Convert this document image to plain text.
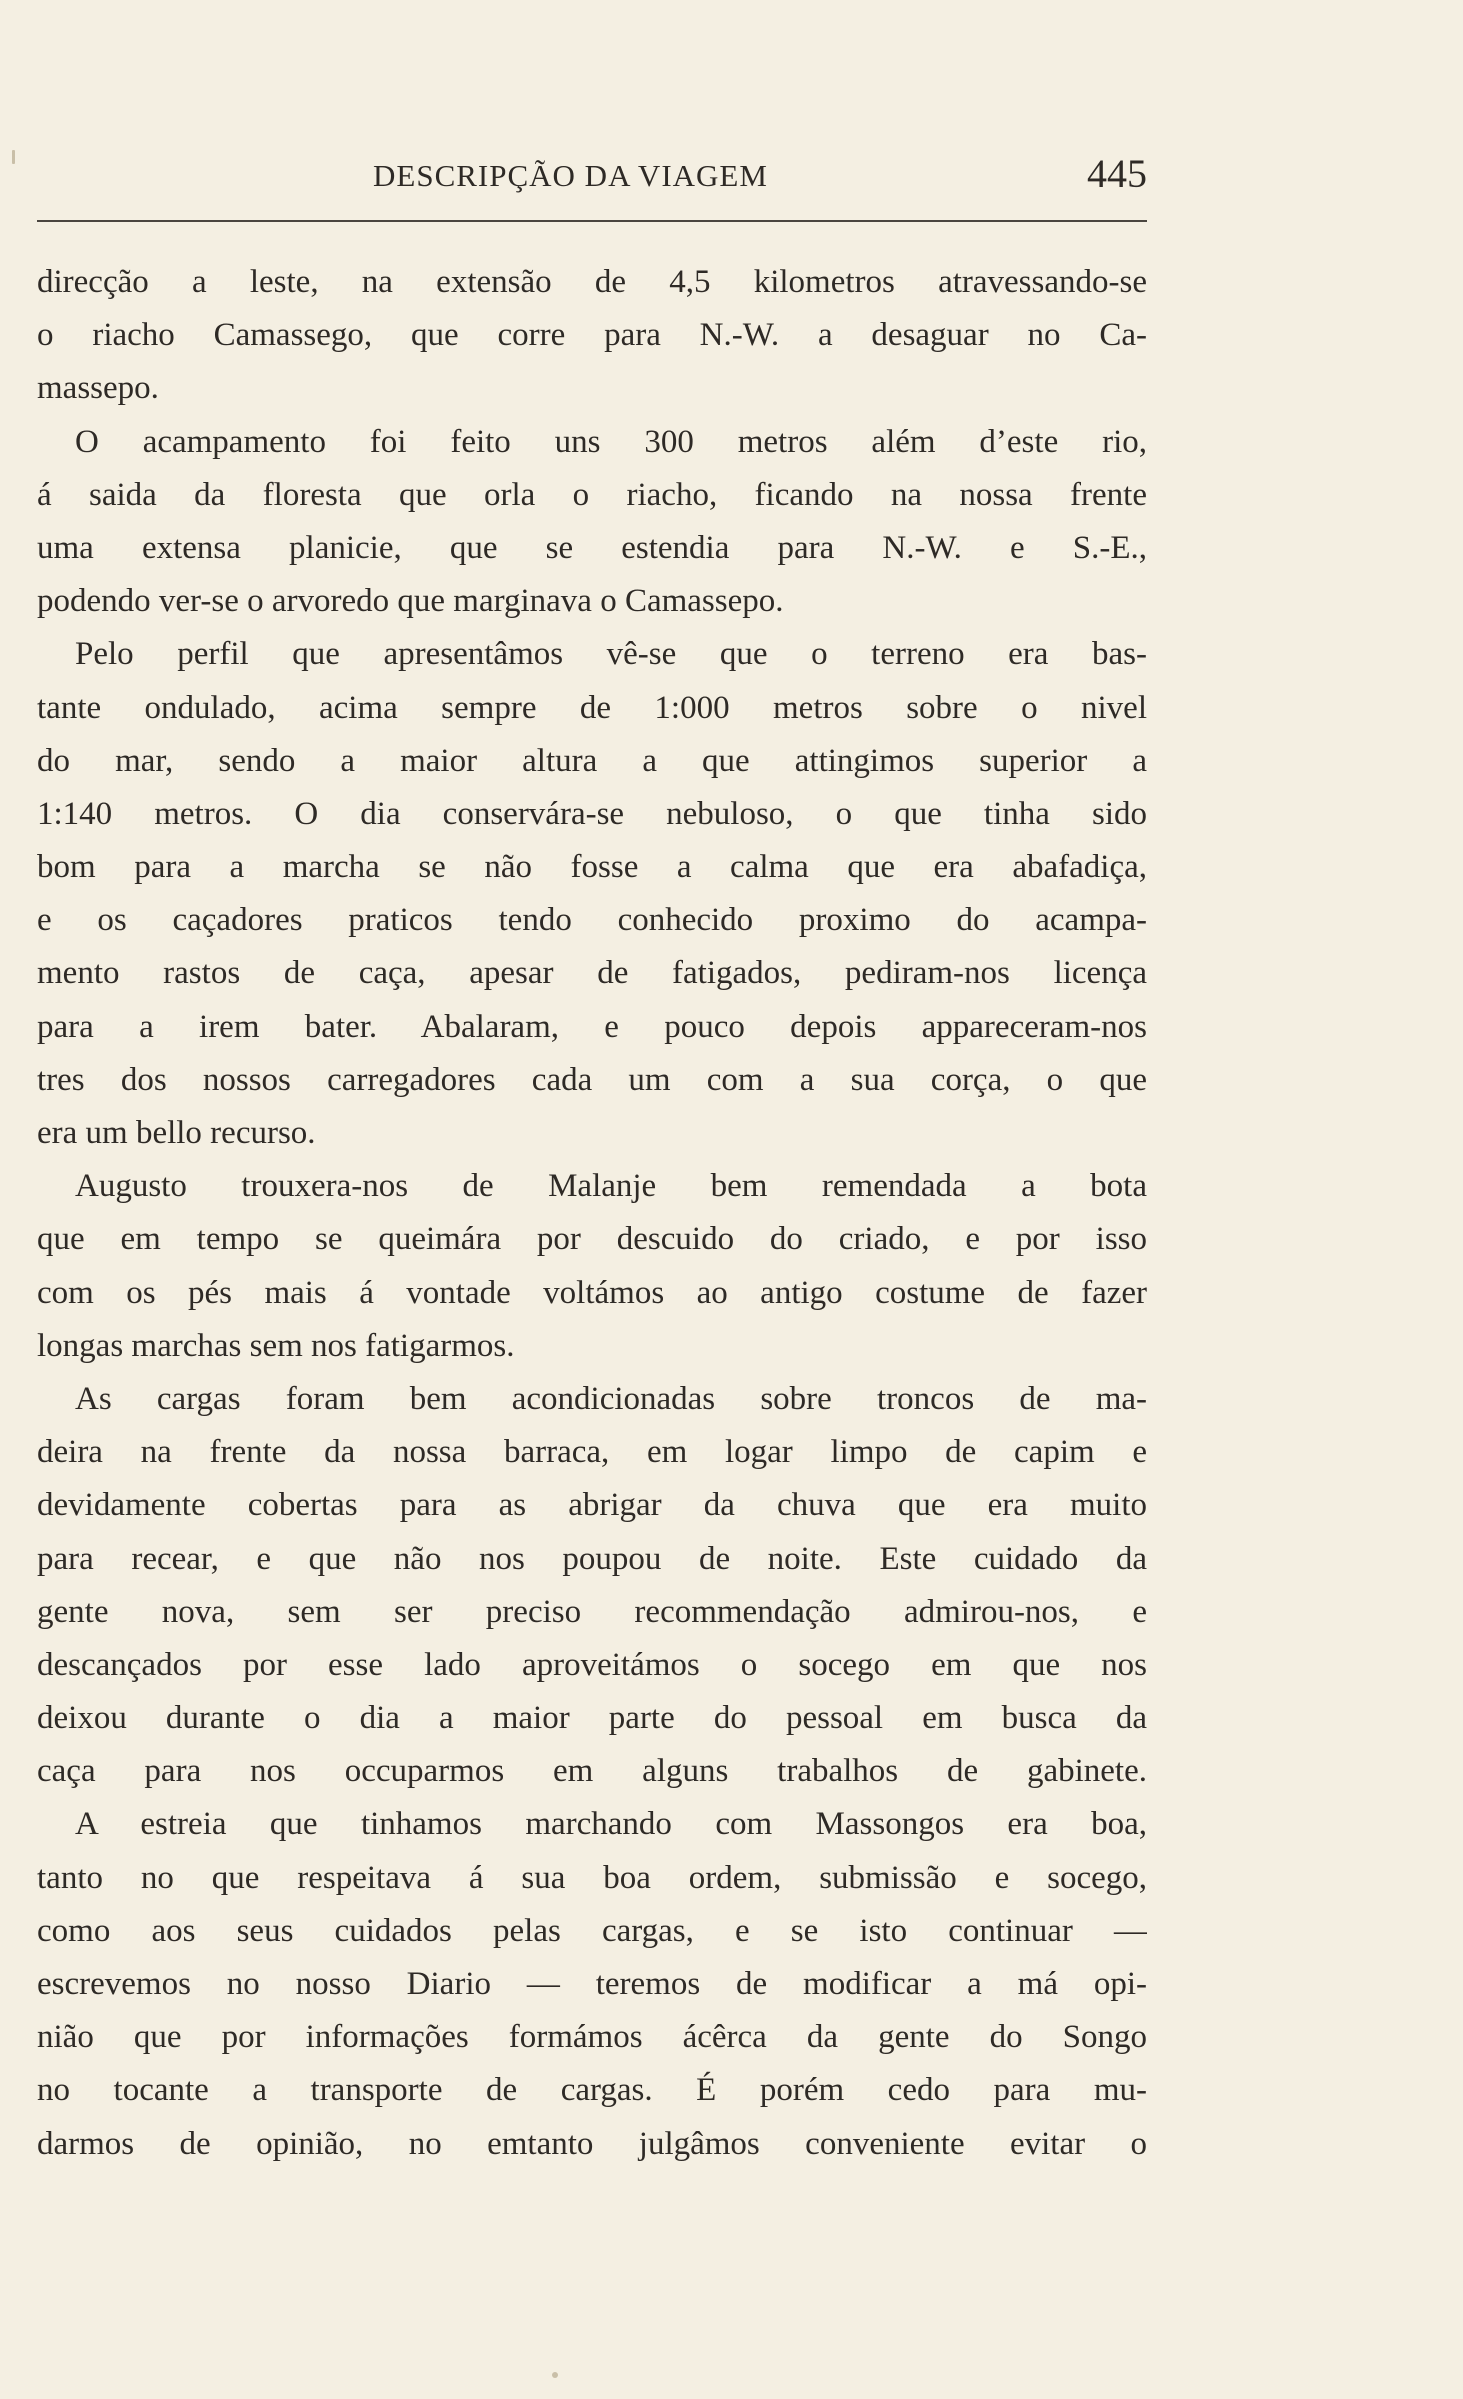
DESCRIPÇÃO DA VIAGEM	445
direcção a leste, na extensão de 4,5 kilometros atravessando-se
o riacho Camassego, que corre para N.-W. a desaguar no Ca-
massepo.
O acampamento foi feito uns 300 metros além d’este rio,
á saida da floresta que orla o riacho, ficando na nossa frente
uma extensa planicie, que se estendia para N.-W. e S.-E.,
podendo ver-se o arvoredo que marginava o Camassepo.
Pelo perfil que apresentâmos vê-se que o terreno era bas-
tante ondulado, acima sempre de 1:000 metros sobre o nivel
do mar, sendo a maior altura a que attingimos superior a
1:140 metros. O dia conservára-se nebuloso, o que tinha sido
bom para a marcha se não fosse a calma que era abafadiça,
e os caçadores praticos tendo conhecido proximo do acampa-
mento rastos de caça, apesar de fatigados, pediram-nos licença
para a irem bater. Abalaram, e pouco depois appareceram-nos
tres dos nossos carregadores cada um com a sua corça, o que
era um bello recurso.
Augusto trouxera-nos de Malanje bem remendada a bota
que em tempo se queimára por descuido do criado, e por isso
com os pés mais á vontade voltámos ao antigo costume de fazer
longas marchas sem nos fatigarmos.
As cargas foram bem acondicionadas sobre troncos de ma-
deira na frente da nossa barraca, em logar limpo de capim e
devidamente cobertas para as abrigar da chuva que era muito
para recear, e que não nos poupou de noite. Este cuidado da
gente nova, sem ser preciso recommendação admirou-nos, e
descançados por esse lado aproveitámos o socego em que nos
deixou durante o dia a maior parte do pessoal em busca da
caça para nos occuparmos em alguns trabalhos de gabinete.
A estreia que tinhamos marchando com Massongos era boa,
tanto no que respeitava á sua boa ordem, submissão e socego,
como aos seus cuidados pelas cargas, e se isto continuar —
escrevemos no nosso Diario — teremos de modificar a má opi-
nião que por informações formámos ácêrca da gente do Songo
no tocante a transporte de cargas. É porém cedo para mu-
darmos de opinião, no emtanto julgâmos conveniente evitar o
